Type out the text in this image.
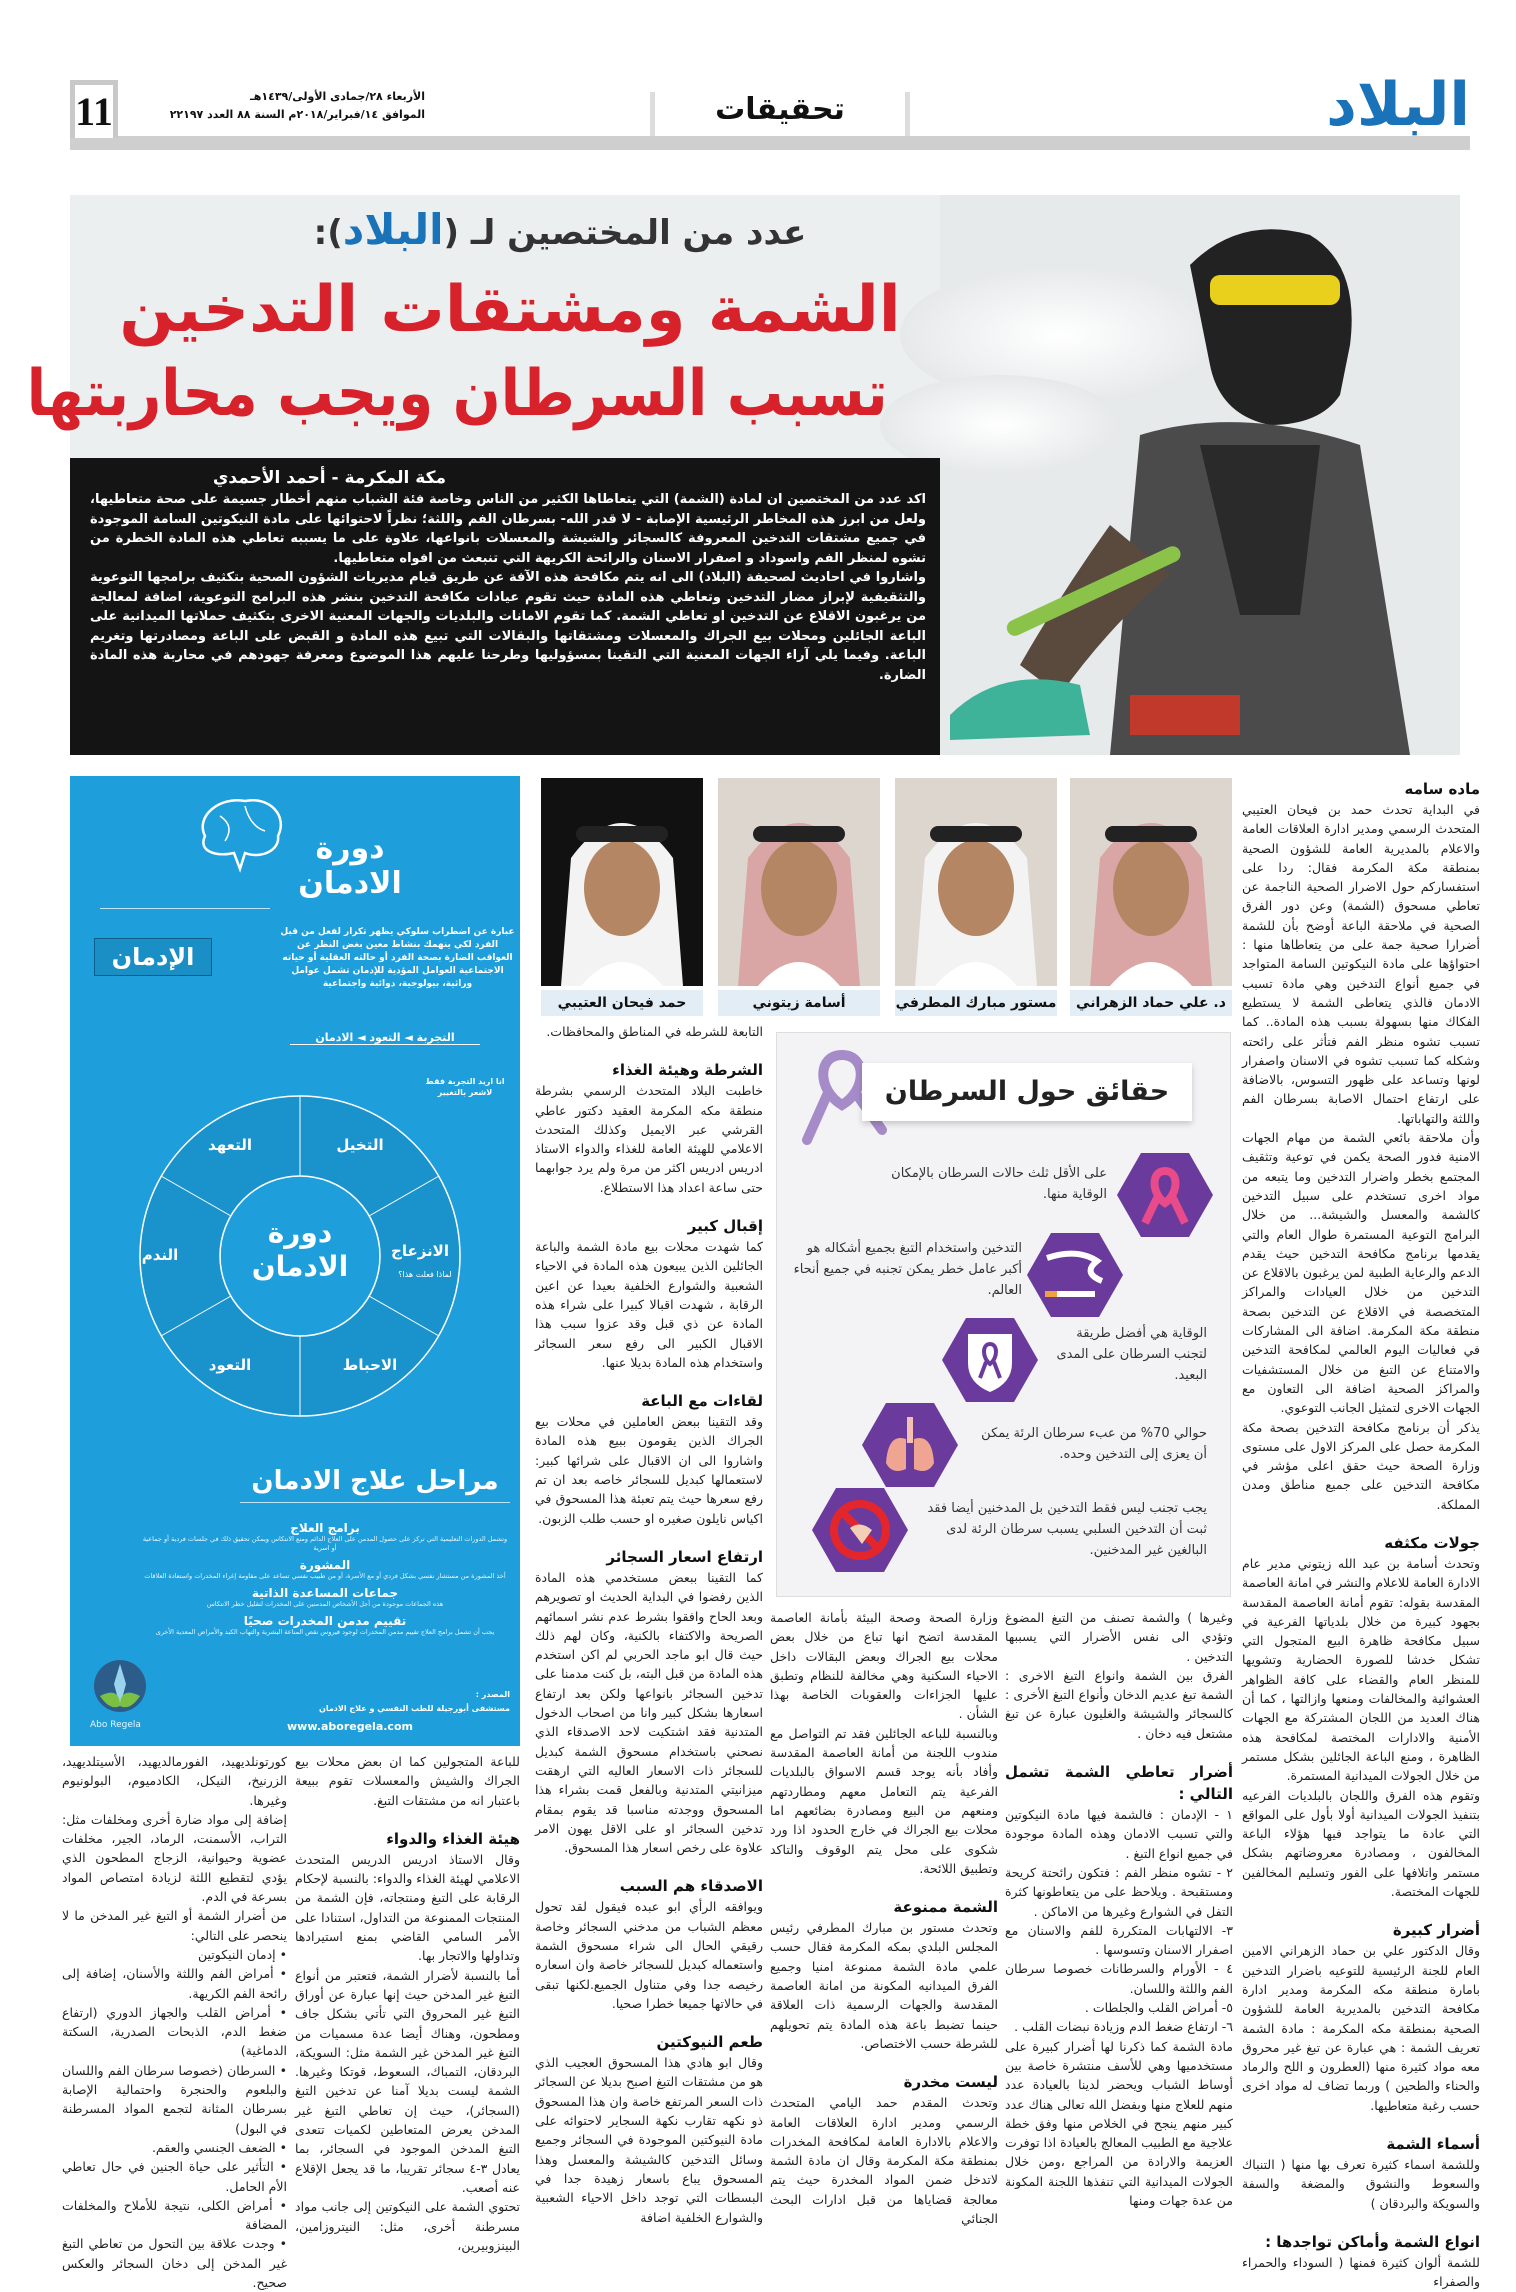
11	الأربعاء ٢٨/جمادى الأولى/١٤٣٩هـ
الموافق ١٤/فبراير/٢٠١٨م السنة ٨٨ العدد ٢٢١٩٧	تحقيقات	البلاد
عدد من المختصين لـ (البلاد):
الشمة ومشتقات التدخين
تسبب السرطان ويجب محاربتها
مكة المكرمة - أحمد الأحمدي

اكد عدد من المختصين ان لمادة (الشمة) التي يتعاطاها الكثير من الناس وخاصة فئة الشباب منهم أخطار جسيمة على صحة متعاطيها، ولعل من ابرز هذه المخاطر الرئيسية الإصابة - لا قدر الله- بسرطان الفم واللثة؛ نظراً لاحتوائها على مادة النيكوتين السامة الموجودة في جميع مشتقات التدخين المعروفة كالسجائر والشيشة والمعسلات بانواعها، علاوة على ما يسببه تعاطي هذه المادة الخطرة من تشوه لمنظر الفم واسوداد و اصفرار الاسنان والرائحة الكريهة التي تنبعث من افواه متعاطيها.

واشاروا في احاديث لصحيفة (البلاد) الى انه يتم مكافحة هذه الآفة عن طريق قيام مديريات الشؤون الصحية بتكثيف برامجها التوعوية والتثقيفية لإبراز مضار التدخين وتعاطي هذه المادة حيث تقوم عيادات مكافحة التدخين بنشر هذه البرامج التوعوية، اضافة لمعالجة من يرغبون الاقلاع عن التدخين او تعاطي الشمة. كما تقوم الامانات والبلديات والجهات المعنية الاخرى بتكثيف حملاتها الميدانية على الباعة الجائلين ومحلات بيع الجراك والمعسلات ومشتقاتها والبقالات التي تبيع هذه المادة و القبض على الباعة ومصادرتها وتغريم الباعة. وفيما يلي آراء الجهات المعنية التي التقينا بمسؤوليها وطرحنا عليهم هذا الموضوع ومعرفة جهودهم في محاربة هذه المادة الضارة.

د. علي حماد الزهراني
مستور مبارك المطرفي
أسامة زيتوني
حمد فيحان العتيبي
حقائق حول السرطان
على الأقل ثلث حالات السرطان بالإمكان الوقاية منها.
التدخين واستخدام التبغ بجميع أشكاله هو أكبر عامل خطر يمكن تجنبه في جميع أنحاء العالم.
الوقاية هي أفضل طريقة لتجنب السرطان على المدى البعيد.
حوالي 70% من عبء سرطان الرئة يمكن أن يعزى إلى التدخين وحده.
يجب تجنب ليس فقط التدخين بل المدخنين أيضا فقد ثبت أن التدخين السلبي يسبب سرطان الرئة لدى البالغين غير المدخنين.
دورة الادمان
الإدمان
عبارة عن اضطراب سلوكي يظهر تكرار لفعل من قبل الفرد لكي ينهمك بنشاط معين بغض النظر عن العواقب الضارة بصحة الفرد أو حالته العقلية أو حياته الاجتماعية العوامل المؤدية للإدمان تشمل عوامل وراثية، بيولوجية، دوائية واجتماعية
التجربة ◄ التعود ◄ الادمان
دورة الادمان
التخيل
الانزعاج
لماذا فعلت هذا؟
الاحباط
التعود
الندم
التعهد
انا اريد التجربة فقط لاشعر بالتغيير
مراحل علاج الادمان
برامج العلاج
وتشمل الدورات التعليمية التي تركز على حصول المدمن على العلاج الدائم ومنع الانتكاس ويمكن تحقيق ذلك في جلسات فردية أو جماعية أو اسرية
المشورة
أخذ المشورة من مستشار نفسي بشكل فردي أو مع الأسرة، أو من طبيب نفسي تساعد على مقاومة إغراء المخدرات واستعادة العلاقات
جماعات المساعدة الذاتية
هذه الجماعات موجودة من أجل الأشخاص المدمنين على المخدرات لتقليل خطر الانتكاس
تقييم مدمن المخدرات صحيًا
يجب أن تشمل برامج العلاج تقييم مدمن المخدرات لوجود فيروس نقص المناعة البشرية والتهاب الكبد والأمراض المعدية الأخرى
Abo Regela
المصدر :
مستشفى أبورجيلة للطب النفسي و علاج الادمان
www.aboregela.com
ماده سامه

في البداية تحدث حمد بن فيحان العتيبي المتحدث الرسمي ومدير ادارة العلاقات العامة والاعلام بالمديرية العامة للشؤون الصحية بمنطقة مكة المكرمة فقال: ردا على استفساركم حول الاضرار الصحية الناجمة عن تعاطي مسحوق (الشمة) وعن دور الفرق الصحية في ملاحقة الباعة أوضح بأن للشمة أضرارا صحية جمة على من يتعاطاها منها : احتواؤها على مادة النيكوتين السامة المتواجد في جميع أنواع التدخين وهي مادة تسبب الادمان فالذي يتعاطى الشمة لا يستطيع الفكاك منها بسهولة بسبب هذه المادة.. كما تسبب تشوه منظر الفم فتأثر على رائحته وشكله كما تسبب تشوه في الاسنان واصفرار لونها وتساعد على ظهور التسوس، بالاضافة على ارتفاع احتمال الاصابة بسرطان الفم واللثة والتهاباتها.

وأن ملاحقة بائعي الشمة من مهام الجهات الامنية فدور الصحة يكمن في توعية وتثقيف المجتمع بخطر واضرار التدخين وما يتبعه من مواد اخرى تستخدم على سبيل التدخين كالشمة والمعسل والشيشة... من خلال البرامج التوعية المستمرة طوال العام والتي يقدمها برنامج مكافحة التدخين حيث يقدم الدعم والرعاية الطبية لمن يرغبون بالاقلاع عن التدخين من خلال العيادات والمراكز المتخصصة في الاقلاع عن التدخين بصحة منطقة مكة المكرمة. اضافة الى المشاركات في فعاليات اليوم العالمي لمكافحة التدخين والامتناع عن التبغ من خلال المستشفيات والمراكز الصحية اضافة الى التعاون مع الجهات الاخرى لتمثيل الجانب التوعوي.

يذكر أن برنامج مكافحة التدخين بصحة مكة المكرمة حصل على المركز الاول على مستوى وزارة الصحة حيث حقق اعلى مؤشر في مكافحة التدخين على جميع مناطق ومدن المملكة.

جولات مكثفه

وتحدث أسامة بن عبد الله زيتوني مدير عام الادارة العامة للاعلام والنشر في امانة العاصمة المقدسة بقوله: تقوم أمانة العاصمة المقدسة بجهود كبيرة من خلال بلدياتها الفرعية في سبيل مكافحة ظاهرة البيع المتجول التي تشكل خدشا للصورة الحضارية وتشويها للمنظر العام والقضاء على كافة الظواهر العشوائية والمخالفات ومنعها وازالتها ، كما أن هناك العديد من اللجان المشتركة مع الجهات الأمنية والادارات المختصة لمكافحة هذه الظاهرة ، ومنع الباعة الجائلين بشكل مستمر من خلال الجولات الميدانية المستمرة.

وتقوم هذه الفرق واللجان بالبلديات الفرعيه بتنفيذ الجولات الميدانية أولا بأول على المواقع التي عادة ما يتواجد فيها هؤلاء الباعة المخالفون ، ومصادرة معروضاتهم بشكل مستمر واتلافها على الفور وتسليم المخالفين للجهات المختصة.

أضرار كبيرة

وقال الدكتور علي بن حماد الزهراني الامين العام للجنة الرئيسية للتوعيه باضرار التدخين بامارة منطقة مكه المكرمة ومدير ادارة مكافحة التدخين بالمديرية العامة للشؤون الصحية بمنطقة مكه المكرمة : مادة الشمة تعريف الشمة : هي عبارة عن تبغ غير محروق معه مواد كثيرة منها (العطرون و اللح والرماد والحناء والطحين ) وربما تضاف له مواد اخرى حسب رغبة متعاطيها.

أسماء الشمة

وللشمة اسماء كثيرة تعرف بها منها ( التنباك والسعوط والنشوق والمضغة والسفة والسويكة والبردقان )

انواع الشمة وأماكن تواجدها :

للشمة ألوان كثيرة فمنها ( السوداء والحمراء والصفراء

وغيرها ) والشمة تصنف من التبغ المضوغ وتؤدي الى نفس الأضرار التي يسببها التدخين .

الفرق بين الشمة وانواع التبغ الاخرى : الشمة تبغ عديم الدخان وأنواع التبغ الأخرى : كالسجائر والشيشة والغليون عبارة عن تبغ مشتعل فيه دخان .

أضرار تعاطي الشمة تشمل التالي :

١ - الإدمان : فالشمة فيها مادة النيكوتين والتي تسبب الادمان وهذه المادة موجودة في جميع انواع التبغ .

٢ - تشوه منظر الفم : فتكون رائحتة كريحة ومستقبحة . ويلاحظ على من يتعاطونها كثرة التفل في الشوارع وغيرها من الاماكن .

٣- الالتهابات المتكررة للفم والاسنان مع اصفرار الاسنان وتسوسها .

٤ - الأورام والسرطانات خصوصا سرطان الفم واللثة واللسان.

٥- أمراض القلب والجلطات .

٦- ارتفاع ضغط الدم وزيادة نبضات القلب .

مادة الشمة كما ذكرنا لها أضرار كبيرة على مستخدميها وهي للأسف منتشرة خاصة بين أوساط الشباب ويحضر لدينا بالعيادة عدد منهم للعلاج منها وبفضل الله تعالى هناك عدد كبير منهم ينجح في الخلاص منها وفق خطة علاجية مع الطبيب المعالج بالعيادة اذا توفرت العزيمة والارادة من المراجع ،ومن خلال الجولات الميدانية التي تنفذها اللجنة المكونة من عدة جهات ومنها

وزارة الصحة وصحة البيئة بأمانة العاصمة المقدسة اتضح انها تباع من خلال بعض محلات بيع الجراك وبعض البقالات داخل الاحياء السكنية وهي مخالفة للنظام وتطبق عليها الجزاءات والعقوبات الخاصة بهذا الشأن .

وبالنسبة للباعه الجائلين فقد تم التواصل مع مندوب اللجنة من أمانة العاصمة المقدسة وأفاد بأنه يوجد قسم الاسواق بالبلديات الفرعية يتم التعامل معهم ومطاردتهم ومنعهم من البيع ومصادرة بضائعهم اما محلات بيع الجراك في خارج الحدود اذا ورد شكوى على محل يتم الوقوف والتاكد وتطبيق اللائحة.

الشمة ممنوعة

وتحدث مستور بن مبارك المطرفي رئيس المجلس البلدي بمكه المكرمة فقال حسب علمي مادة الشمة ممنوعة امنيا وجميع الفرق الميدانيه المكونة من امانة العاصمة المقدسة والجهات الرسمية ذات العلاقة حينما تضبط باعة هذه المادة يتم تحويلهم للشرطة حسب الاختصاص.

ليست مخدرة

وتحدث المقدم حمد اليامي المتحدث الرسمي ومدير ادارة العلاقات العامة والاعلام بالادارة العامة لمكافحة المخدرات بمنطقة مكة المكرمة وقال ان مادة الشمة لاتدخل ضمن المواد المخدرة حيث يتم معالجة قضاياها من قبل ادارات البحث الجنائي

التابعة للشرطه في المناطق والمحافظات.

الشرطة وهيئة الغذاء

خاطبت البلاد المتحدث الرسمي بشرطة منطقة مكه المكرمة العقيد دكتور عاطي القرشي عبر الايميل وكذلك المتحدث الاعلامي للهيئة العامة للغذاء والدواء الاستاذ ادريس ادريس اكثر من مرة ولم يرد جوابهما حتى ساعة اعداد هذا الاستطلاع.

إقبال كبير

كما شهدت محلات بيع مادة الشمة والباعة الجائلين الذين يبيعون هذه المادة في الاحياء الشعبية والشوارع الخلفية بعيدا عن اعين الرقابة ، شهدت اقبالا كبيرا على شراء هذه المادة عن ذي قبل وقد عزوا سبب هذا الاقبال الكبير الى رفع سعر السجائر واستخدام هذه المادة بديلا عنها.

لقاءات مع الباعة

وقد التقينا ببعض العاملين في محلات بيع الجراك الذين يقومون ببيع هذه المادة واشاروا الى ان الاقبال على شرائها كبير: لاستعمالها كبديل للسجائر خاصه بعد ان تم رفع سعرها حيث يتم تعبئة هذا المسحوق في اكياس نايلون صغيره او حسب طلب الزبون.

ارتفاع اسعار السجائر

كما التقينا ببعض مستخدمي هذه المادة الذين رفضوا في البداية الحديث او تصويرهم وبعد الحاح وافقوا بشرط عدم نشر اسمائهم الصريحة والاكتفاء بالكنية، وكان لهم ذلك حيث قال ابو ماجد الحربي لم اكن استخدم هذه المادة من قبل البته، بل كنت مدمنا على تدخين السجائر بانواعها ولكن بعد ارتفاع اسعارها بشكل كبير وانا من اصحاب الدخول المتدنية فقد اشتكيت لاحد الاصدقاء الذي نصحني باستخدام مسحوق الشمة كبديل للسجائر ذات الاسعار العاليه التي ارهقت ميزانيتي المتدنية وبالفعل قمت بشراء هذا المسحوق ووجدته مناسبا قد يقوم بمقام تدخين السجائر او على الاقل يهون الامر علاوة على رخص اسعار هذا المسحوق.

الاصدقاء هم السبب

ويوافقه الرأي ابو عبده فيقول لقد تحول معظم الشباب من مدخني السجائر وخاصة رقيقي الحال الى شراء مسحوق الشمة واستعماله كبديل للسجائر خاصة وان اسعاره رخيصه جدا وفي متناول الجميع.لكنها تبقى في حالاتها جميعا خطرا صحيا.

طعم النيوكتين

وقال ابو هادي هذا المسحوق العجيب الذي هو من مشتقات التبغ اصبح بديلا عن السجائر ذات السعر المرتفع خاصة وان هذا المسحوق ذو نكهه تقارب نكهة السجاير لاحتوائه على مادة النيوكتين الموجودة في السجائر وجميع وسائل التدخين كالشيشة والمعسل وهذا المسحوق يباع باسعار زهيدة جدا في البسطات التي توجد داخل الاحياء الشعبية والشوارع الخلفية اضافة

للباعة المتجولين كما ان بعض محلات بيع الجراك والشيش والمعسلات تقوم ببيعة باعتبار انه من مشتقات التبغ.

هيئة الغذاء والدواء

وقال الاستاذ ادريس الدريس المتحدث الاعلامي لهيئة الغذاء والدواء: بالنسبة لإحكام الرقابة على التبغ ومنتجاته، فإن الشمة من المنتجات الممنوعة من التداول، استنادا على الأمر السامي القاضي بمنع استيرادها وتداولها والاتجار بها.

أما بالنسبة لأضرار الشمة، فتعتبر من أنواع التبغ غير المدخن حيث إنها عبارة عن أوراق التبغ غير المحروق التي تأتي بشكل جاف ومطحون، وهناك أيضا عدة مسميات من التبغ غير المدخن غير الشمة مثل: السويكة، البردقان، التمباك، السعوط، قوتكا وغيرها. الشمة ليست بديلا آمنا عن تدخين التبغ (السجائر)، حيث إن تعاطي التبغ غير المدخن يعرض المتعاطين لكميات تتعدى التبغ المدخن الموجود في السجائر، بما يعادل ٣-٤ سجائر تقريبا، ما قد يجعل الإقلاع عنه أصعب.

تحتوي الشمة على النيكوتين إلى جانب مواد مسرطنة أخرى، مثل: النيتروزامين، البينزوبيرين،

كورتونلديهيد، الفورمالديهيد، الأسيتلديهيد، الزرنيخ، النيكل، الكادميوم، البولونيوم وغيرها.

إضافة إلى مواد ضارة أخرى ومخلفات مثل: التراب، الأسمنت، الرماد، الجير، مخلفات عضوية وحيوانية، الزجاج المطحون الذي يؤدي لتقطيع اللثة لزيادة امتصاص المواد بسرعة في الدم.

من أضرار الشمة أو التبغ غير المدخن ما لا ينحصر على التالي:

• إدمان النيكوتين

• أمراض الفم واللثة والأسنان، إضافة إلى رائحة الفم الكريهة.

• أمراض القلب والجهاز الدوري (ارتفاع ضغط الدم، الذبحات الصدرية، السكتة الدماغية)

• السرطان (خصوصا سرطان الفم واللسان والبلعوم والحنجرة واحتمالية الإصابة بسرطان المثانة لتجمع المواد المسرطنة في البول)

• الضعف الجنسي والعقم.

• التأثير على حياة الجنين في حال تعاطي الأم الحامل.

• أمراض الكلى، نتيجة للأملاح والمخلفات المضافة

• وجدت علاقة بين التحول من تعاطي التبغ غير المدخن إلى دخان السجائر والعكس صحيح.
